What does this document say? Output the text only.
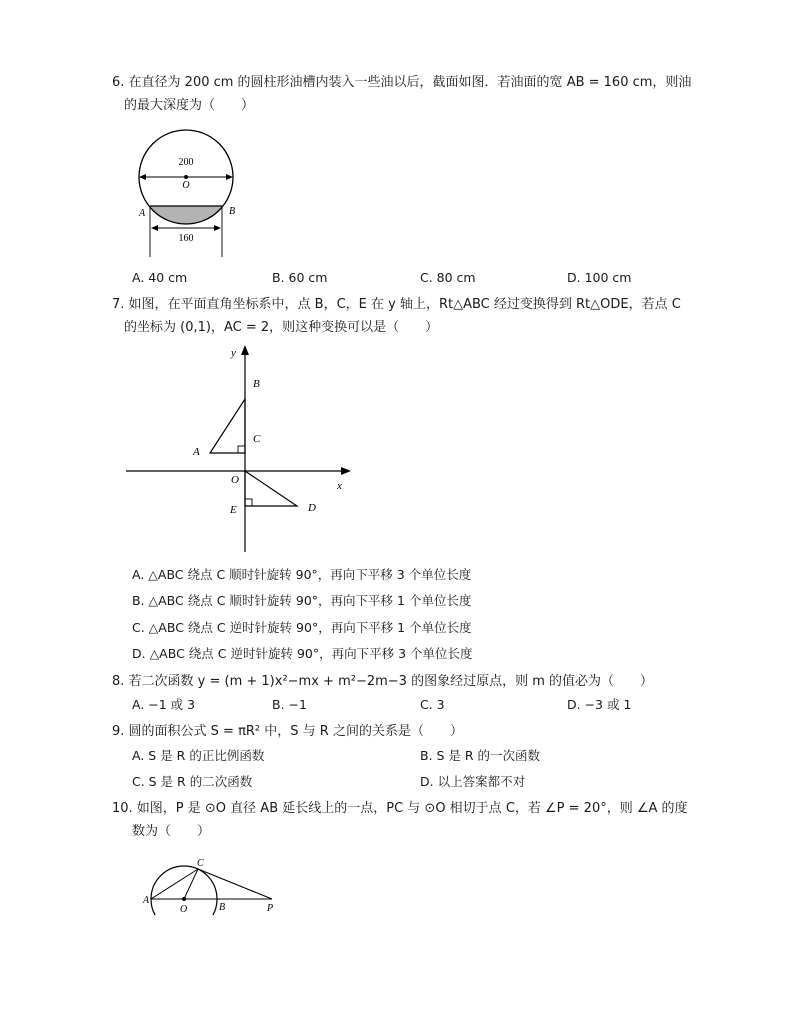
6. 在直径为 200 cm 的圆柱形油槽内装入一些油以后，截面如图．若油面的宽 AB = 160 cm，则油
的最大深度为（　　）
200
O
A	B
160
A. 40 cm	B. 60 cm	C. 80 cm	D. 100 cm
7. 如图，在平面直角坐标系中，点 B，C，E 在 y 轴上，Rt△ABC 经过变换得到 Rt△ODE，若点 C
的坐标为 (0,1)，AC = 2，则这种变换可以是（　　）
y
x
B
C
A
O
E	D
A. △ABC 绕点 C 顺时针旋转 90°，再向下平移 3 个单位长度
B. △ABC 绕点 C 顺时针旋转 90°，再向下平移 1 个单位长度
C. △ABC 绕点 C 逆时针旋转 90°，再向下平移 1 个单位长度
D. △ABC 绕点 C 逆时针旋转 90°，再向下平移 3 个单位长度
8. 若二次函数 y = (m + 1)x²−mx + m²−2m−3 的图象经过原点，则 m 的值必为（　　）
A. −1 或 3	B. −1	C. 3	D. −3 或 1
9. 圆的面积公式 S = πR² 中，S 与 R 之间的关系是（　　）
A. S 是 R 的正比例函数	B. S 是 R 的一次函数
C. S 是 R 的二次函数	D. 以上答案都不对
10. 如图，P 是 ⊙O 直径 AB 延长线上的一点，PC 与 ⊙O 相切于点 C，若 ∠P = 20°，则 ∠A 的度
数为（　　）
C
A
O	B	P
